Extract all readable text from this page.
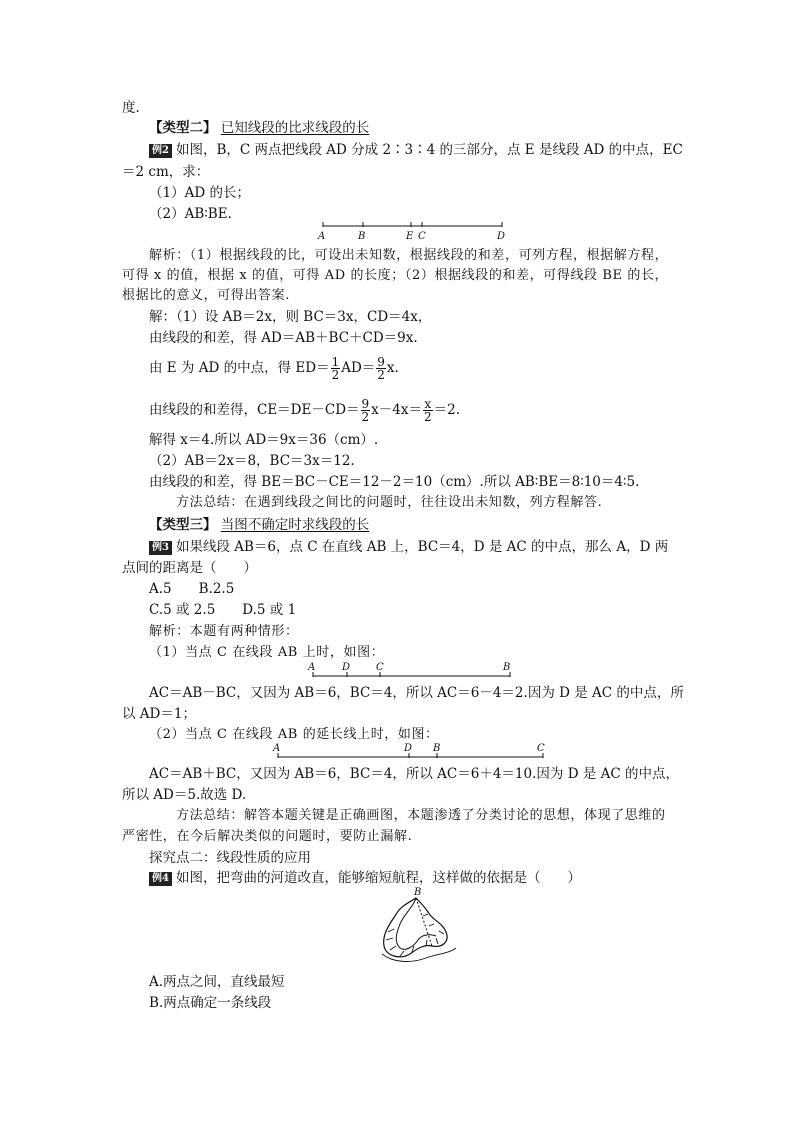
度.
【类型二】 已知线段的比求线段的长
例2 如图，B，C 两点把线段 AD 分成 2∶3∶4 的三部分，点 E 是线段 AD 的中点，EC
＝2 cm，求：
（1）AD 的长；
（2）AB∶BE.
A	B	E C	D
解析：（1）根据线段的比，可设出未知数，根据线段的和差，可列方程，根据解方程，
可得 x 的值，根据 x 的值，可得 AD 的长度；（2）根据线段的和差，可得线段 BE 的长，
根据比的意义，可得出答案.
解：（1）设 AB＝2x，则 BC＝3x，CD＝4x，
由线段的和差，得 AD＝AB＋BC＋CD＝9x.
由 E 为 AD 的中点，得 $ED= \frac{1}{2} AD= \frac{9}{2} x$.
由线段的和差得，$CE=DE-CD= \frac{9}{2} x-4x= \frac{x}{2} =2$.
解得 x＝4.所以 AD＝9x＝36（cm）.
（2）AB＝2x＝8，BC＝3x＝12.
由线段的和差，得 BE＝BC－CE＝12－2＝10（cm）.所以 AB∶BE＝8∶10＝4∶5.
方法总结：在遇到线段之间比的问题时，往往设出未知数，列方程解答.
【类型三】 当图不确定时求线段的长
例3 如果线段 AB＝6，点 C 在直线 AB 上，BC＝4，D 是 AC 的中点，那么 A，D 两
点间的距离是（　　）
A.5　　B.2.5
C.5 或 2.5　　D.5 或 1
解析：本题有两种情形：
（1）当点 C 在线段 AB 上时，如图：
A	D	C	B
AC＝AB－BC，又因为 AB＝6，BC＝4，所以 AC＝6－4＝2.因为 D 是 AC 的中点，所
以 AD＝1；
（2）当点 C 在线段 AB 的延长线上时，如图：
A	D B	C
AC＝AB＋BC，又因为 AB＝6，BC＝4，所以 AC＝6＋4＝10.因为 D 是 AC 的中点，
所以 AD＝5.故选 D.
方法总结：解答本题关键是正确画图，本题渗透了分类讨论的思想，体现了思维的
严密性，在今后解决类似的问题时，要防止漏解.
探究点二：线段性质的应用
例4 如图，把弯曲的河道改直，能够缩短航程，这样做的依据是（　　）
B
A.两点之间，直线最短
B.两点确定一条线段
